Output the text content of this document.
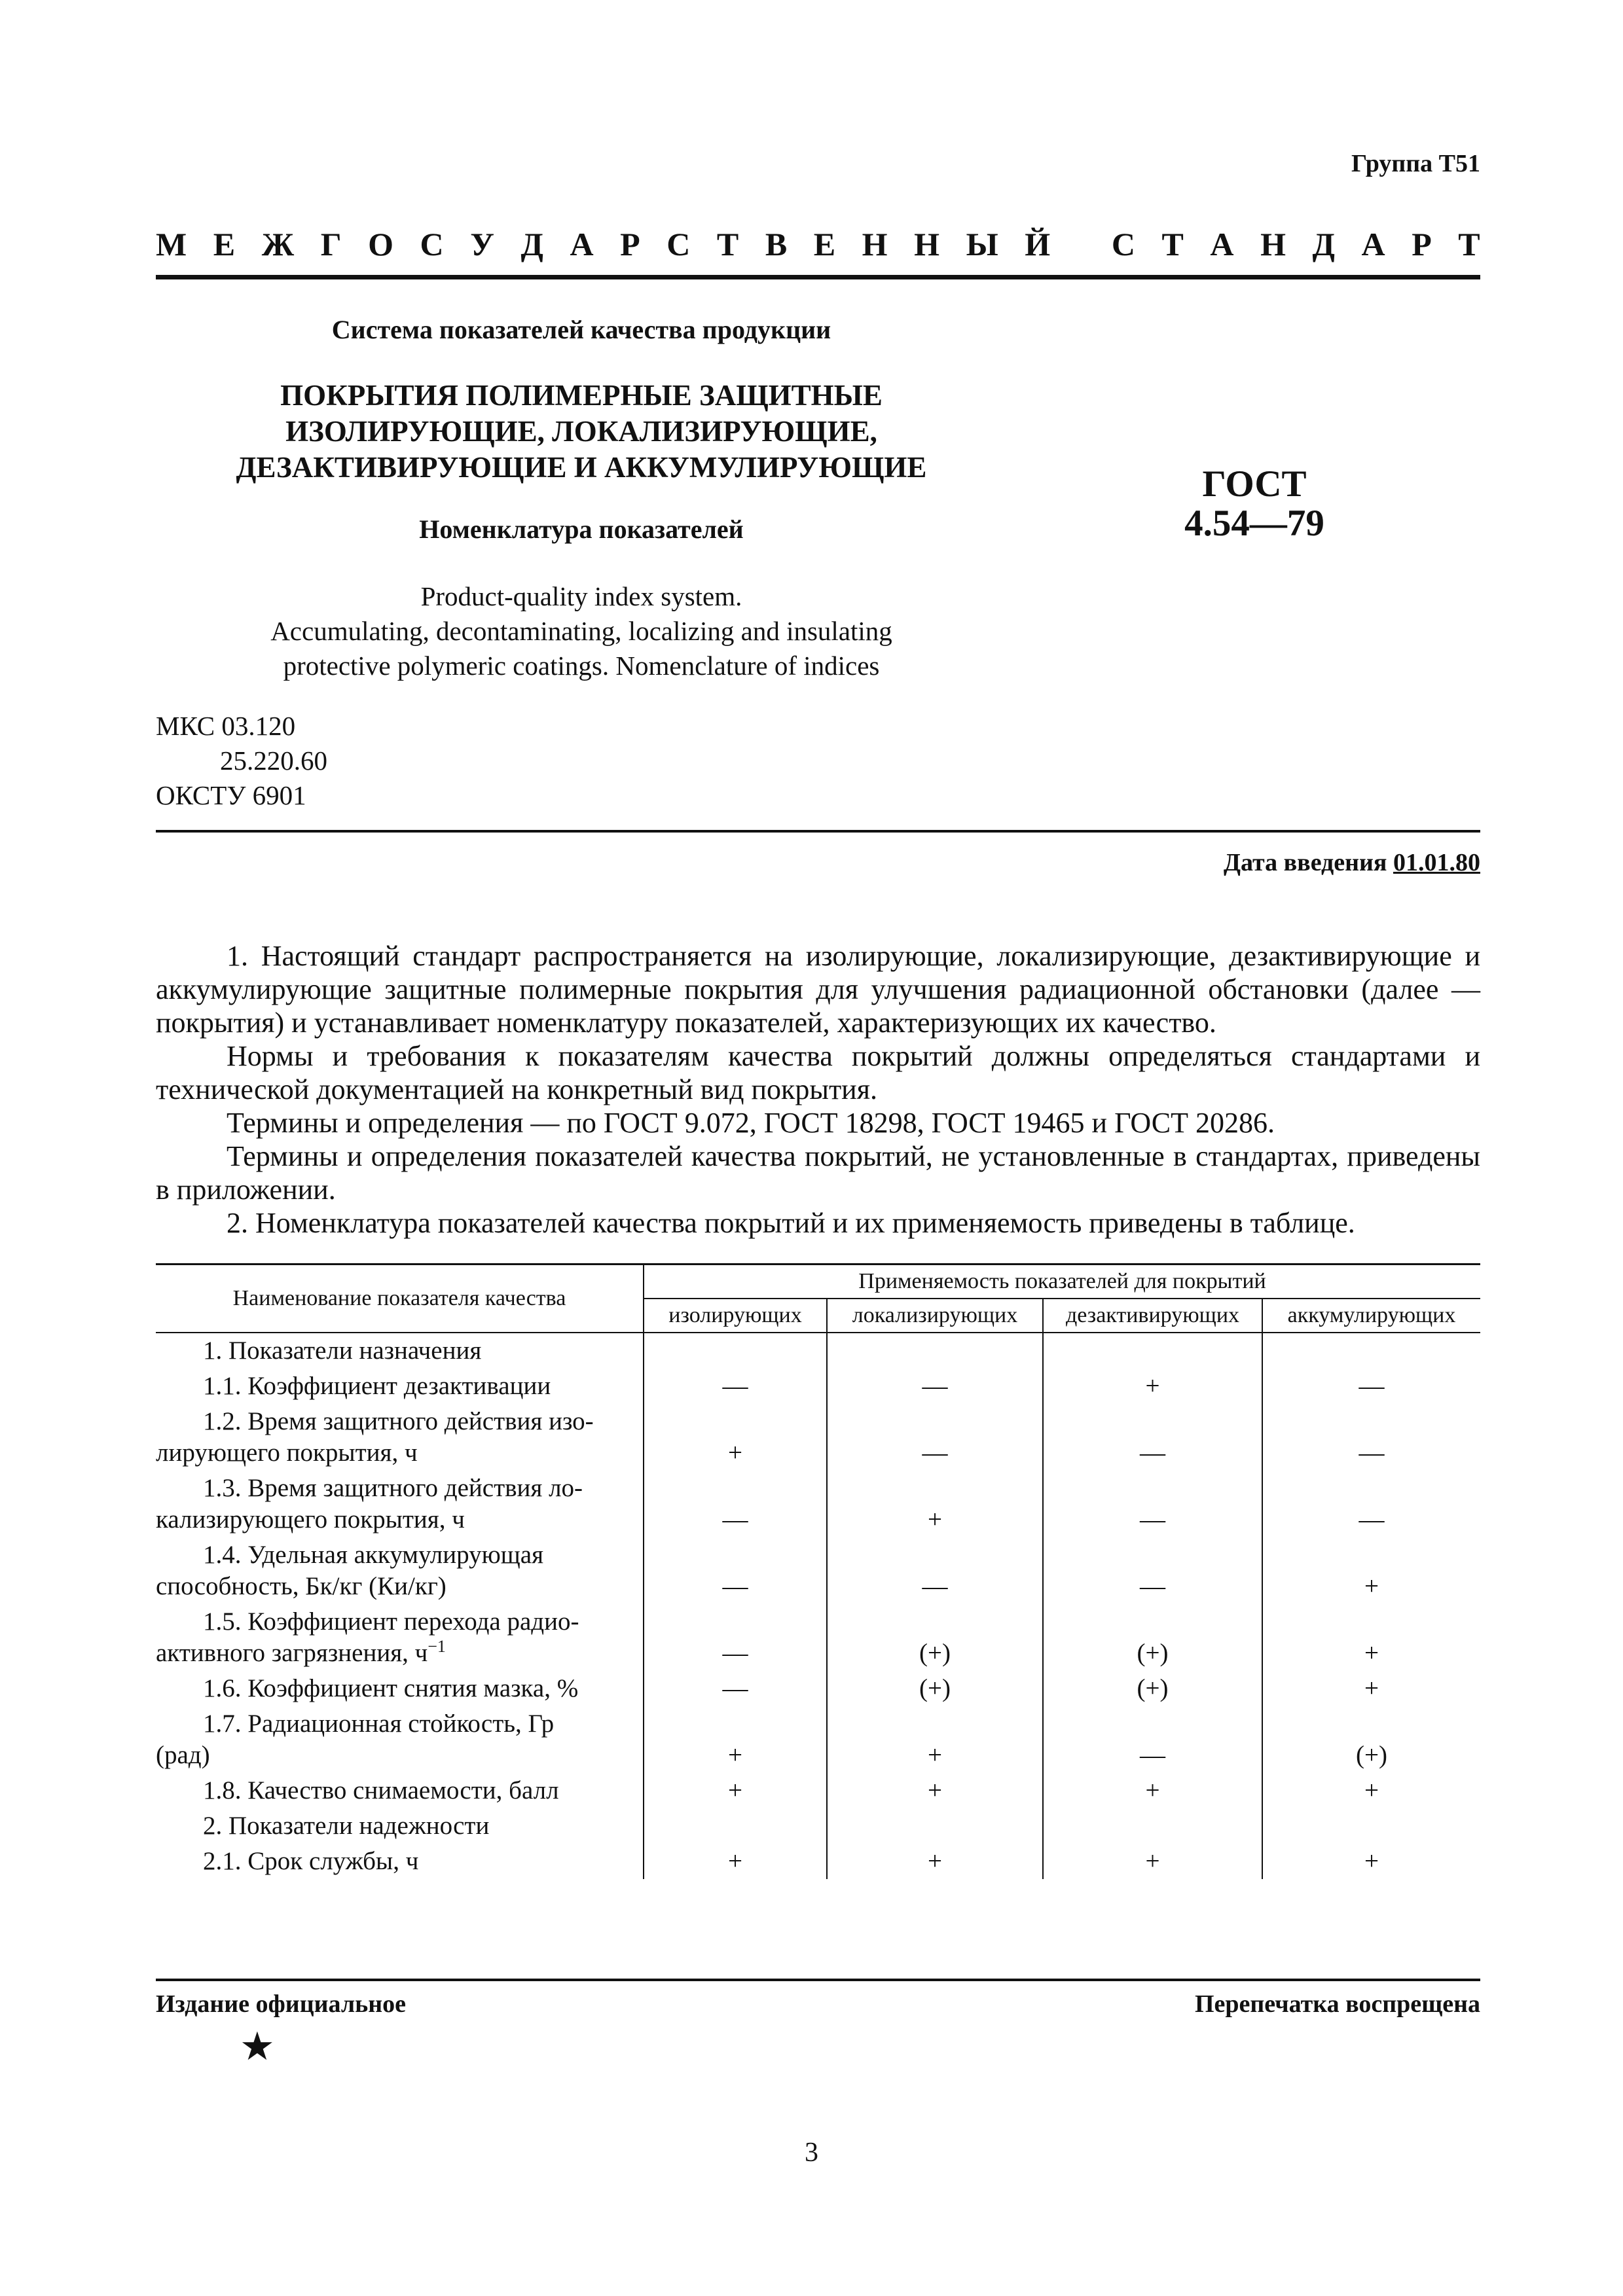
Группа Т51
М Е Ж Г О С У Д А Р С Т В Е Н Н Ы Й
С Т А Н Д А Р Т
Система показателей качества продукции
ПОКРЫТИЯ ПОЛИМЕРНЫЕ ЗАЩИТНЫЕ
ИЗОЛИРУЮЩИЕ, ЛОКАЛИЗИРУЮЩИЕ,
ДЕЗАКТИВИРУЮЩИЕ И АККУМУЛИРУЮЩИЕ	ГОСТ
4.54—79
Номенклатура показателей
Product-quality index system.
Accumulating, decontaminating, localizing and insulating
protective polymeric coatings. Nomenclature of indices
МКС 03.120
25.220.60
ОКСТУ 6901
Дата введения 01.01.80

1. Настоящий стандарт распространяется на изолирующие, локализирующие, дезактивирующие и аккумулирующие защитные полимерные покрытия для улучшения радиационной обстановки (далее — покрытия) и устанавливает номенклатуру показателей, характеризующих их качество.

Нормы и требования к показателям качества покрытий должны определяться стандартами и технической документацией на конкретный вид покрытия.

Термины и определения — по ГОСТ 9.072, ГОСТ 18298, ГОСТ 19465 и ГОСТ 20286.

Термины и определения показателей качества покрытий, не установленные в стандартах, приведены в приложении.

2. Номенклатура показателей качества покрытий и их применяемость приведены в таблице.

Наименование показателя качества	Применяемость показателей для покрытий			
	изолирующих	локализирующих	дезактивирующих	аккумулирующих
1. Показатели назначения				
1.1. Коэффициент дезактивации	—	—	+	—

1.2. Время защитного действия изо-
лирующего покрытия, ч	+	—	—	—

1.3. Время защитного действия ло-
кализирующего покрытия, ч	—	+	—	—

1.4. Удельная аккумулирующая
способность, Бк/кг (Ки/кг)	—	—	—	+

1.5. Коэффициент перехода радио-
активного загрязнения, $ч^{-1}$	—	(+)	(+)	+
1.6. Коэффициент снятия мазка, %	—	(+)	(+)	+

1.7. Радиационная стойкость, Гр
(рад)	+	+	—	(+)
1.8. Качество снимаемости, балл	+	+	+	+
2. Показатели надежности				
2.1. Срок службы, ч	+	+	+	+
Издание официальное	Перепечатка воспрещена
★
3
